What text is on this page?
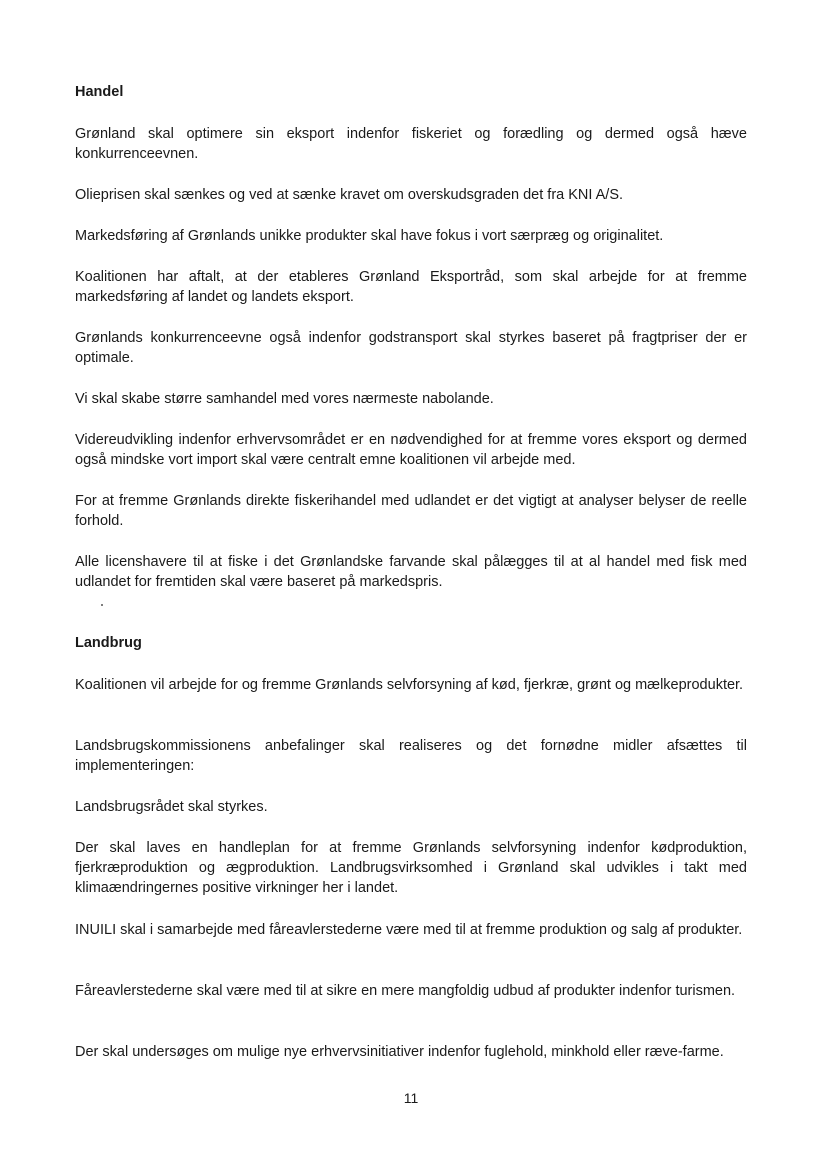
Handel

Grønland skal optimere sin eksport indenfor fiskeriet og forædling og dermed også hæve konkurrenceevnen.

Olieprisen skal sænkes og ved at sænke kravet om overskudsgraden det fra KNI A/S.

Markedsføring af Grønlands unikke produkter skal have fokus i vort særpræg og originalitet.

Koalitionen har aftalt, at der etableres Grønland Eksportråd, som skal arbejde for at fremme markedsføring af landet og landets eksport.

Grønlands konkurrenceevne også indenfor godstransport skal styrkes baseret på fragtpriser der er optimale.

Vi skal skabe større samhandel med vores nærmeste nabolande.

Videreudvikling indenfor erhvervsområdet er en nødvendighed for at fremme vores eksport og dermed også mindske vort import skal være centralt emne koalitionen vil arbejde med.

For at fremme Grønlands direkte fiskerihandel med udlandet er det vigtigt at analyser belyser de reelle forhold.

Alle licenshavere til at fiske i det Grønlandske farvande skal pålægges til at al handel med fisk med udlandet for fremtiden skal være baseret på markedspris.

Landbrug

Koalitionen vil arbejde for og fremme Grønlands selvforsyning af kød, fjerkræ, grønt og mælkeprodukter.

Landsbrugskommissionens anbefalinger skal realiseres og det fornødne midler afsættes til implementeringen:

Landsbrugsrådet skal styrkes.

Der skal laves en handleplan for at fremme Grønlands selvforsyning indenfor kødproduktion, fjerkræproduktion og ægproduktion. Landbrugsvirksomhed i Grønland skal udvikles i takt med klimaændringernes positive virkninger her i landet.

INUILI skal i samarbejde med fåreavlerstederne være med til at fremme produktion og salg af produkter.

Fåreavlerstederne skal være med til at sikre en mere mangfoldig udbud af produkter indenfor turismen.

Der skal undersøges om mulige nye erhvervsinitiativer indenfor fuglehold, minkhold eller ræve-farme.

11
